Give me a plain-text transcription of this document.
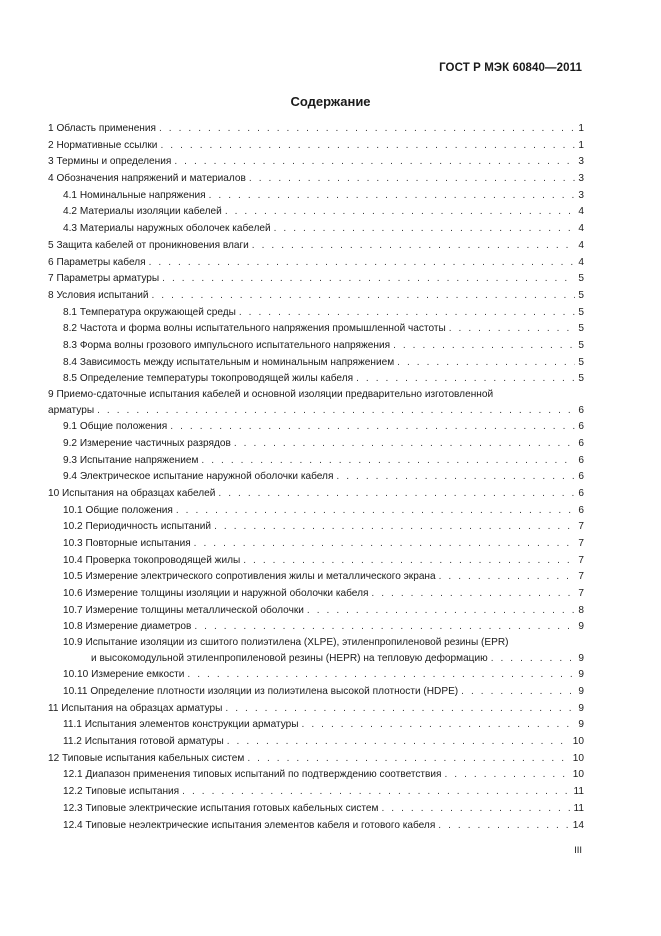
ГОСТ Р МЭК 60840—2011
Содержание
1 Область применения . . .	1
2 Нормативные ссылки . . .	1
3 Термины и определения . . .	3
4 Обозначения напряжений и материалов . . .	3
4.1 Номинальные напряжения . . .	3
4.2 Материалы изоляции кабелей . . .	4
4.3 Материалы наружных оболочек кабелей . . .	4
5 Защита кабелей от проникновения влаги . . .	4
6 Параметры кабеля . . .	4
7 Параметры арматуры . . .	5
8 Условия испытаний . . .	5
8.1 Температура окружающей среды . . .	5
8.2 Частота и форма волны испытательного напряжения промышленной частоты . . .	5
8.3 Форма волны грозового импульсного испытательного напряжения . . .	5
8.4 Зависимость между испытательным и номинальным напряжением . . .	5
8.5 Определение температуры токопроводящей жилы кабеля . . .	5
9 Приемо-сдаточные испытания кабелей и основной изоляции предварительно изготовленной
арматуры . . .	6
9.1 Общие положения . . .	6
9.2 Измерение частичных разрядов . . .	6
9.3 Испытание напряжением . . .	6
9.4 Электрическое испытание наружной оболочки кабеля . . .	6
10 Испытания на образцах кабелей . . .	6
10.1 Общие положения . . .	6
10.2 Периодичность испытаний . . .	7
10.3 Повторные испытания . . .	7
10.4 Проверка токопроводящей жилы . . .	7
10.5 Измерение электрического сопротивления жилы и металлического экрана . . .	7
10.6 Измерение толщины изоляции и наружной оболочки кабеля . . .	7
10.7 Измерение толщины металлической оболочки . . .	8
10.8 Измерение диаметров . . .	9
10.9 Испытание изоляции из сшитого полиэтилена (XLPE), этиленпропиленовой резины (EPR)
и высокомодульной этиленпропиленовой резины (HEPR) на тепловую деформацию . . .	9
10.10 Измерение емкости . . .	9
10.11 Определение плотности изоляции из полиэтилена высокой плотности (HDPE) . . .	9
11 Испытания на образцах арматуры . . .	9
11.1 Испытания элементов конструкции арматуры . . .	9
11.2 Испытания готовой арматуры . . .	10
12 Типовые испытания кабельных систем . . .	10
12.1 Диапазон применения типовых испытаний по подтверждению соответствия . . .	10
12.2 Типовые испытания . . .	11
12.3 Типовые электрические испытания готовых кабельных систем . . .	11
12.4 Типовые неэлектрические испытания элементов кабеля и готового кабеля . . .	14
III
